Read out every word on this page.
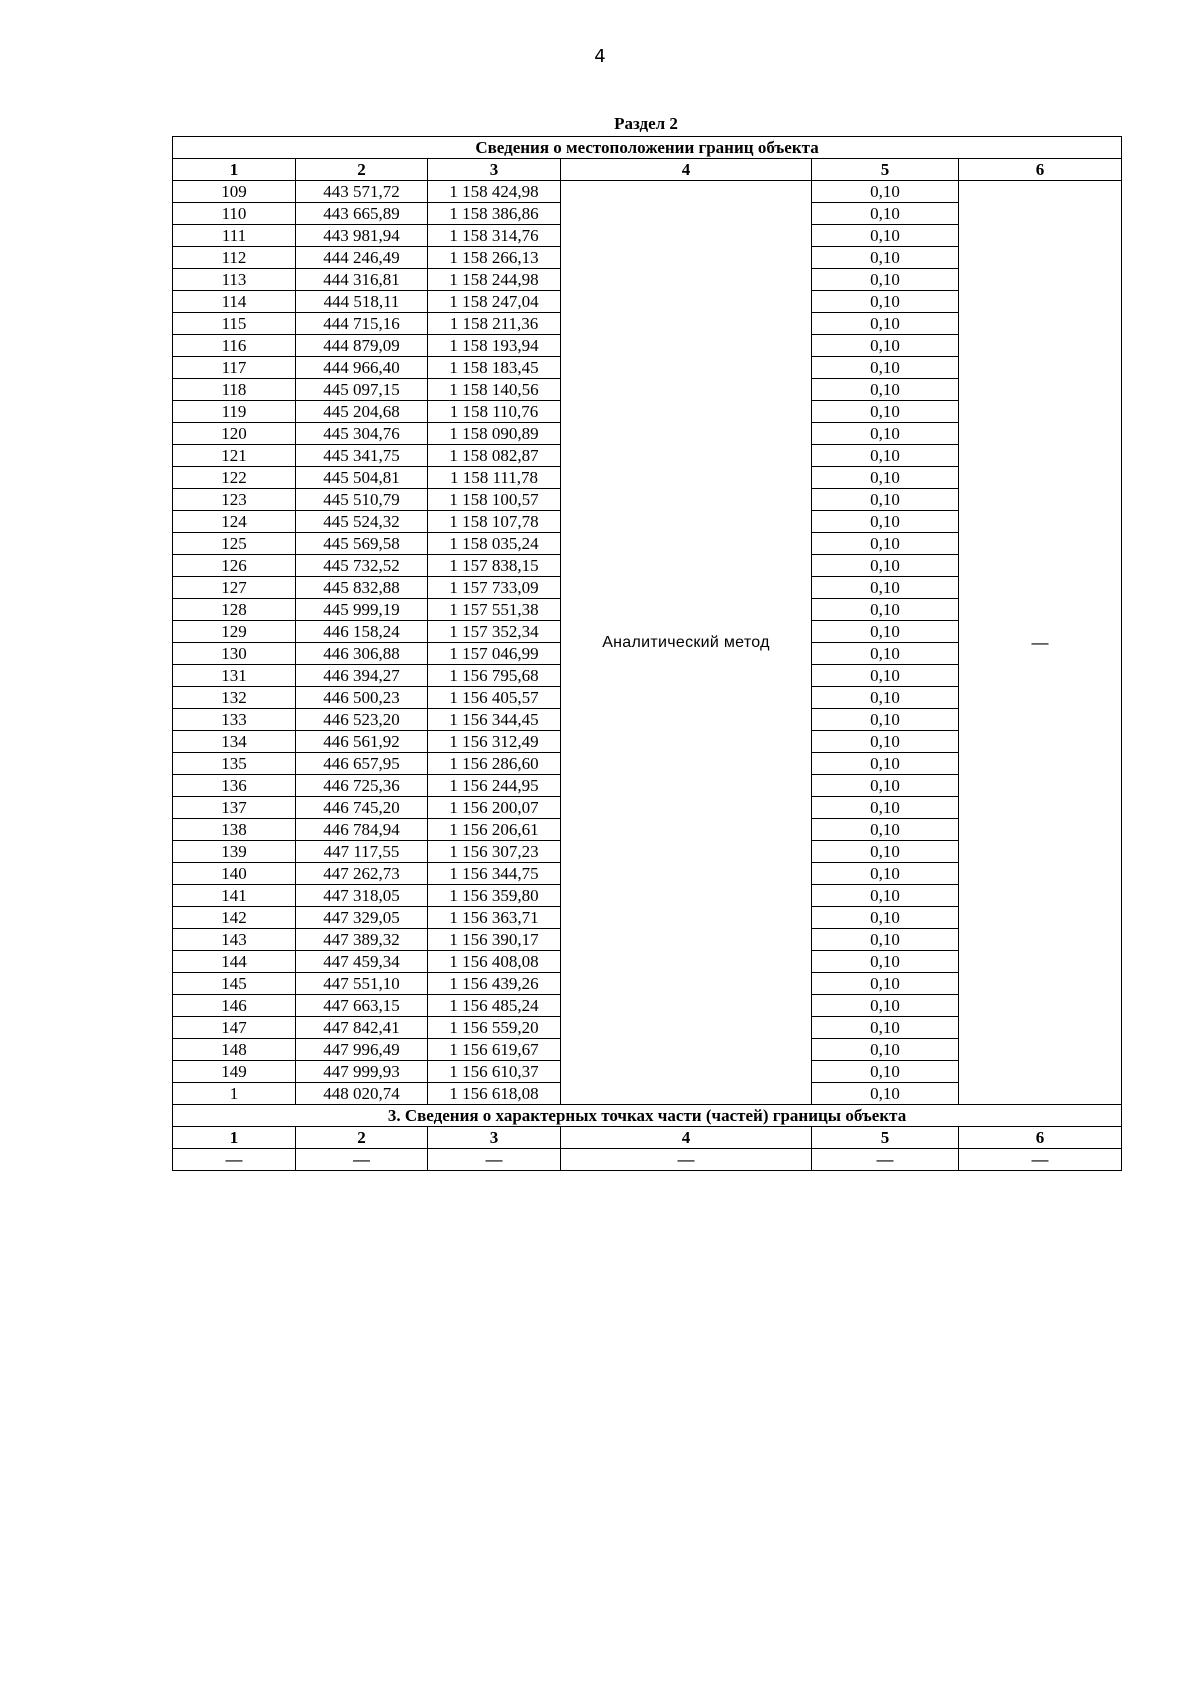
4
Раздел 2
Сведения о местоположении границ объекта					
1	2	3	4	5	6
109	443 571,72	1 158 424,98	Аналитический метод	0,10	—
110	443 665,89	1 158 386,86		0,10	
111	443 981,94	1 158 314,76		0,10	
112	444 246,49	1 158 266,13		0,10	
113	444 316,81	1 158 244,98		0,10	
114	444 518,11	1 158 247,04		0,10	
115	444 715,16	1 158 211,36		0,10	
116	444 879,09	1 158 193,94		0,10	
117	444 966,40	1 158 183,45		0,10	
118	445 097,15	1 158 140,56		0,10	
119	445 204,68	1 158 110,76		0,10	
120	445 304,76	1 158 090,89		0,10	
121	445 341,75	1 158 082,87		0,10	
122	445 504,81	1 158 111,78		0,10	
123	445 510,79	1 158 100,57		0,10	
124	445 524,32	1 158 107,78		0,10	
125	445 569,58	1 158 035,24		0,10	
126	445 732,52	1 157 838,15		0,10	
127	445 832,88	1 157 733,09		0,10	
128	445 999,19	1 157 551,38		0,10	
129	446 158,24	1 157 352,34		0,10	
130	446 306,88	1 157 046,99		0,10	
131	446 394,27	1 156 795,68		0,10	
132	446 500,23	1 156 405,57		0,10	
133	446 523,20	1 156 344,45		0,10	
134	446 561,92	1 156 312,49		0,10	
135	446 657,95	1 156 286,60		0,10	
136	446 725,36	1 156 244,95		0,10	
137	446 745,20	1 156 200,07		0,10	
138	446 784,94	1 156 206,61		0,10	
139	447 117,55	1 156 307,23		0,10	
140	447 262,73	1 156 344,75		0,10	
141	447 318,05	1 156 359,80		0,10	
142	447 329,05	1 156 363,71		0,10	
143	447 389,32	1 156 390,17		0,10	
144	447 459,34	1 156 408,08		0,10	
145	447 551,10	1 156 439,26		0,10	
146	447 663,15	1 156 485,24		0,10	
147	447 842,41	1 156 559,20		0,10	
148	447 996,49	1 156 619,67		0,10	
149	447 999,93	1 156 610,37		0,10	
1	448 020,74	1 156 618,08		0,10	
3. Сведения о характерных точках части (частей) границы объекта					
1	2	3	4	5	6
—	—	—	—	—	—
